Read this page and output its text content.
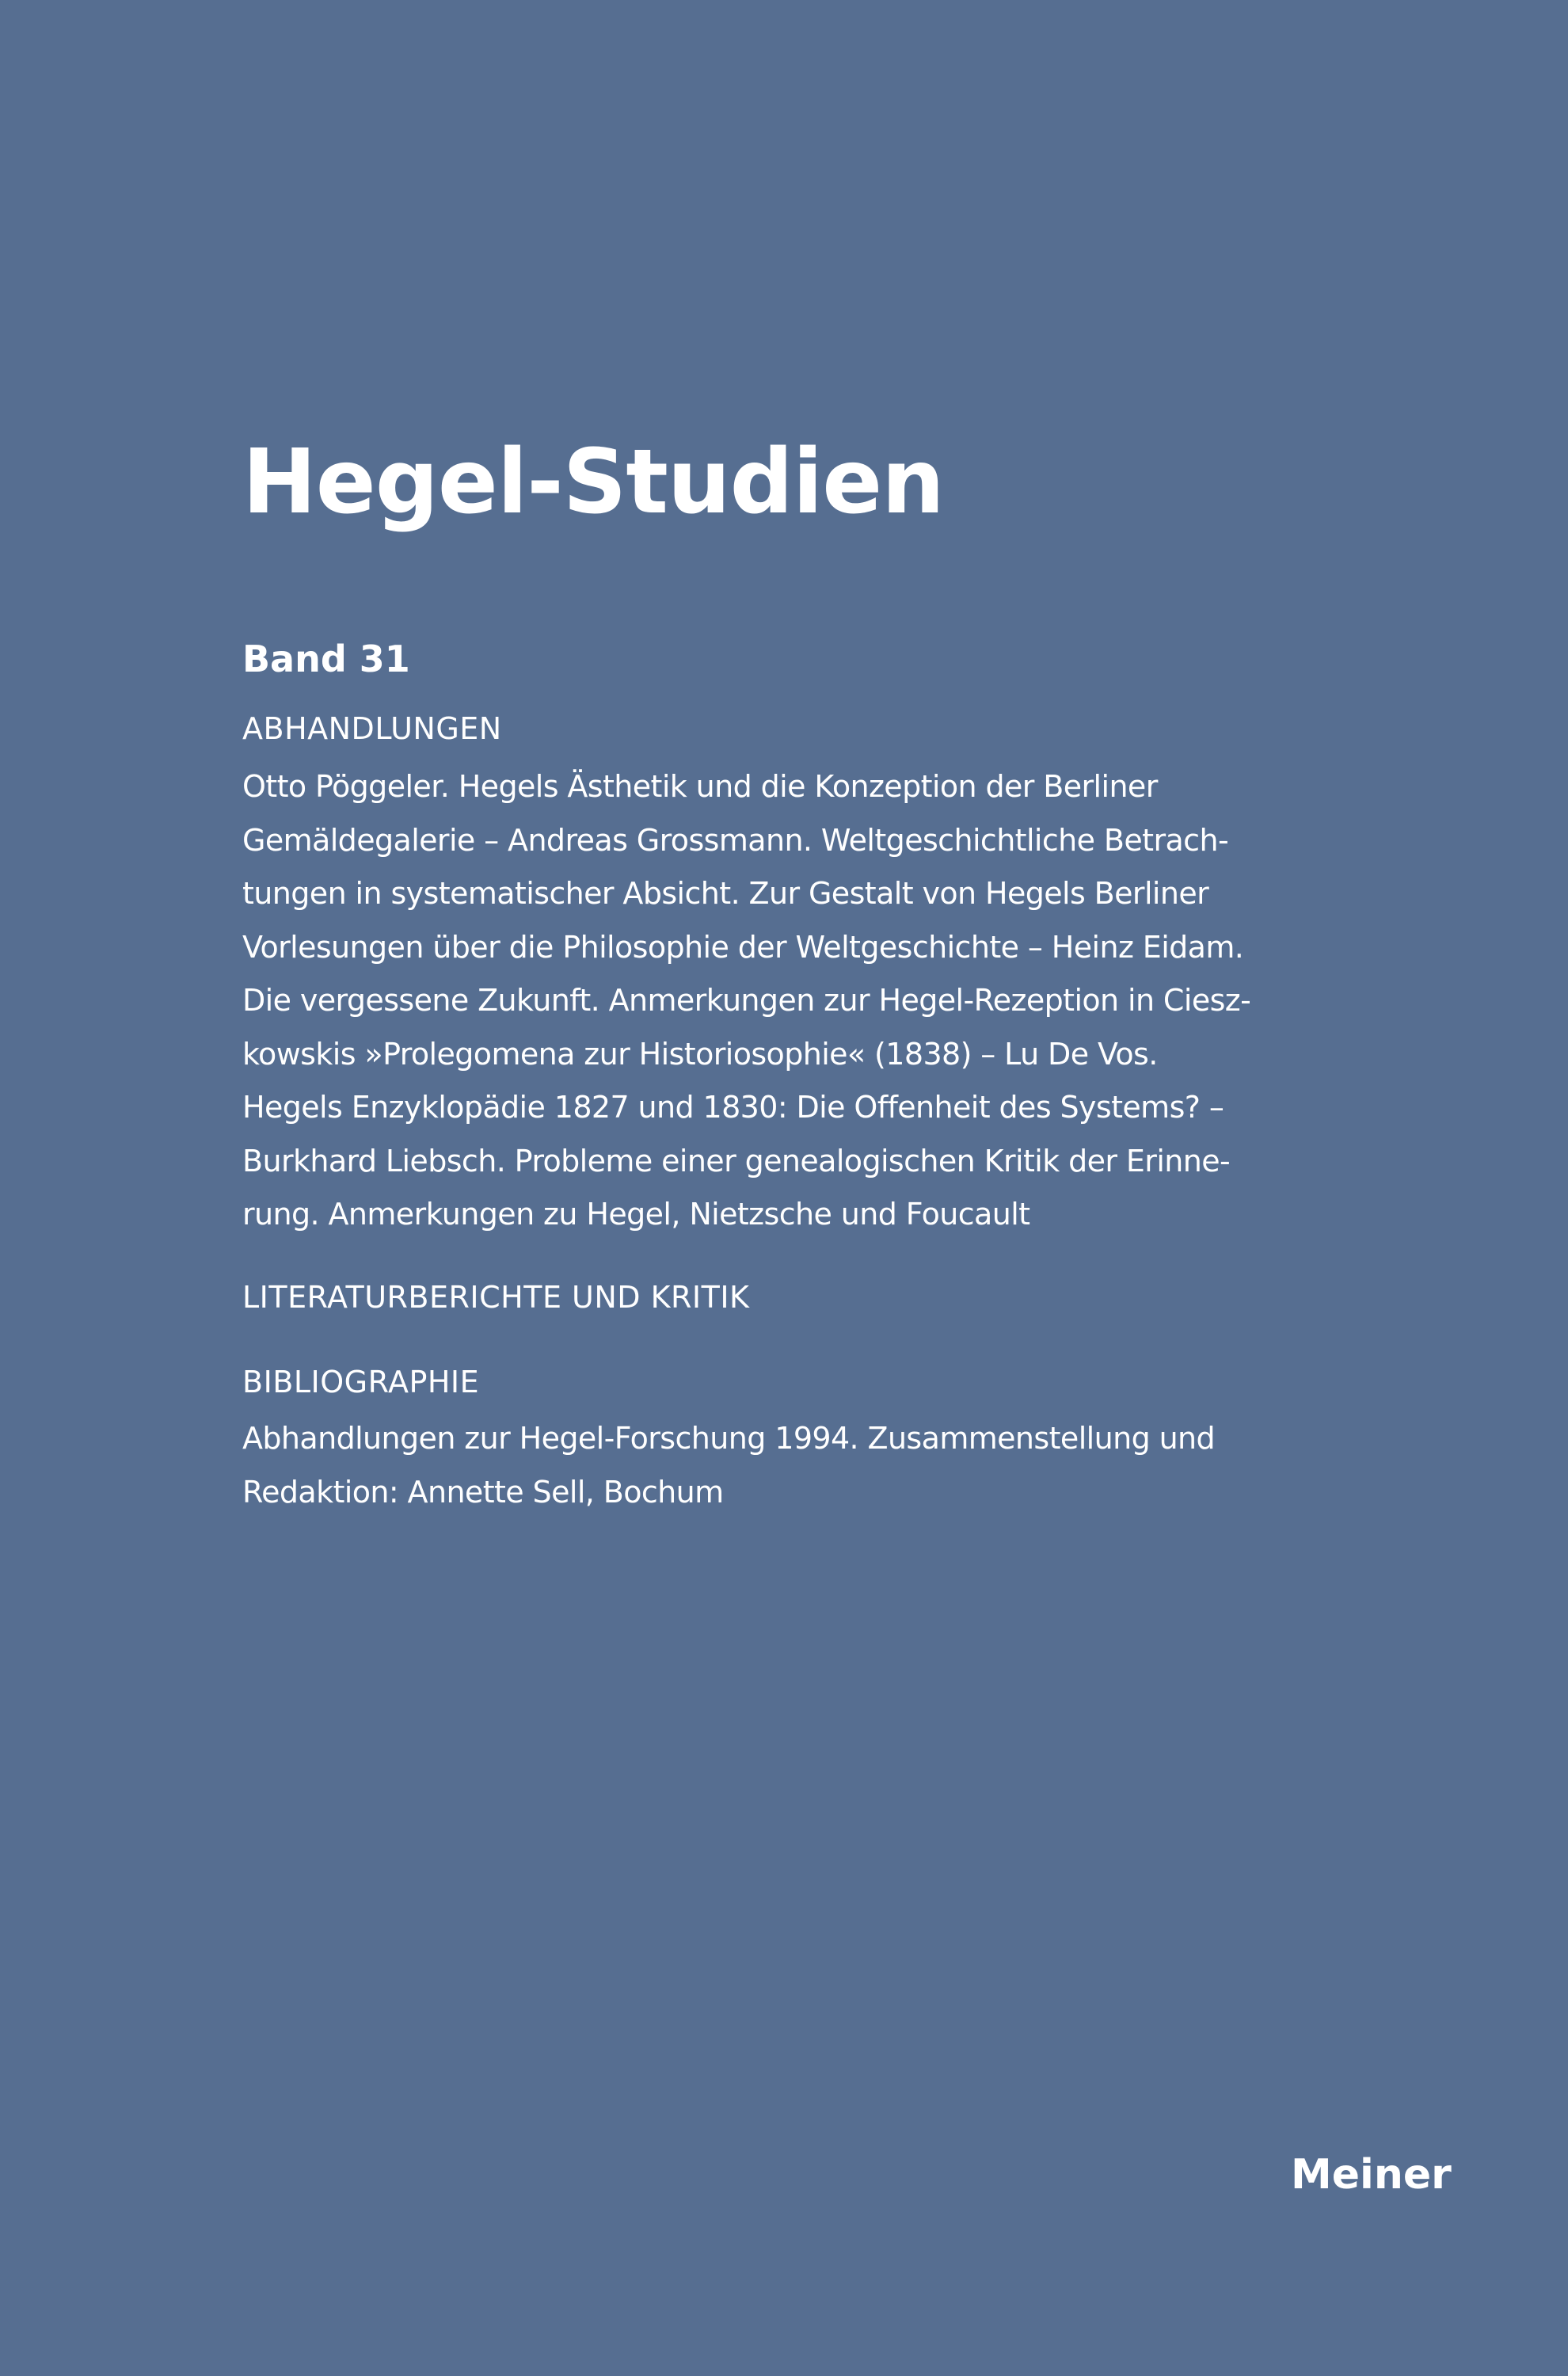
Hegel-Studien
Band 31
ABHANDLUNGEN
Otto Pöggeler. Hegels Ästhetik und die Konzeption der Berliner
Gemäldegalerie – Andreas Grossmann. Weltgeschichtliche Betrach-
tungen in systematischer Absicht. Zur Gestalt von Hegels Berliner
Vorlesungen über die Philosophie der Weltgeschichte – Heinz Eidam.
Die vergessene Zukunft. Anmerkungen zur Hegel-Rezeption in Ciesz-
kowskis »Prolegomena zur Historiosophie« (1838) – Lu De Vos.
Hegels Enzyklopädie 1827 und 1830: Die Offenheit des Systems? –
Burkhard Liebsch. Probleme einer genealogischen Kritik der Erinne-
rung. Anmerkungen zu Hegel, Nietzsche und Foucault
LITERATURBERICHTE UND KRITIK
BIBLIOGRAPHIE
Abhandlungen zur Hegel-Forschung 1994. Zusammenstellung und
Redaktion: Annette Sell, Bochum
Meiner
